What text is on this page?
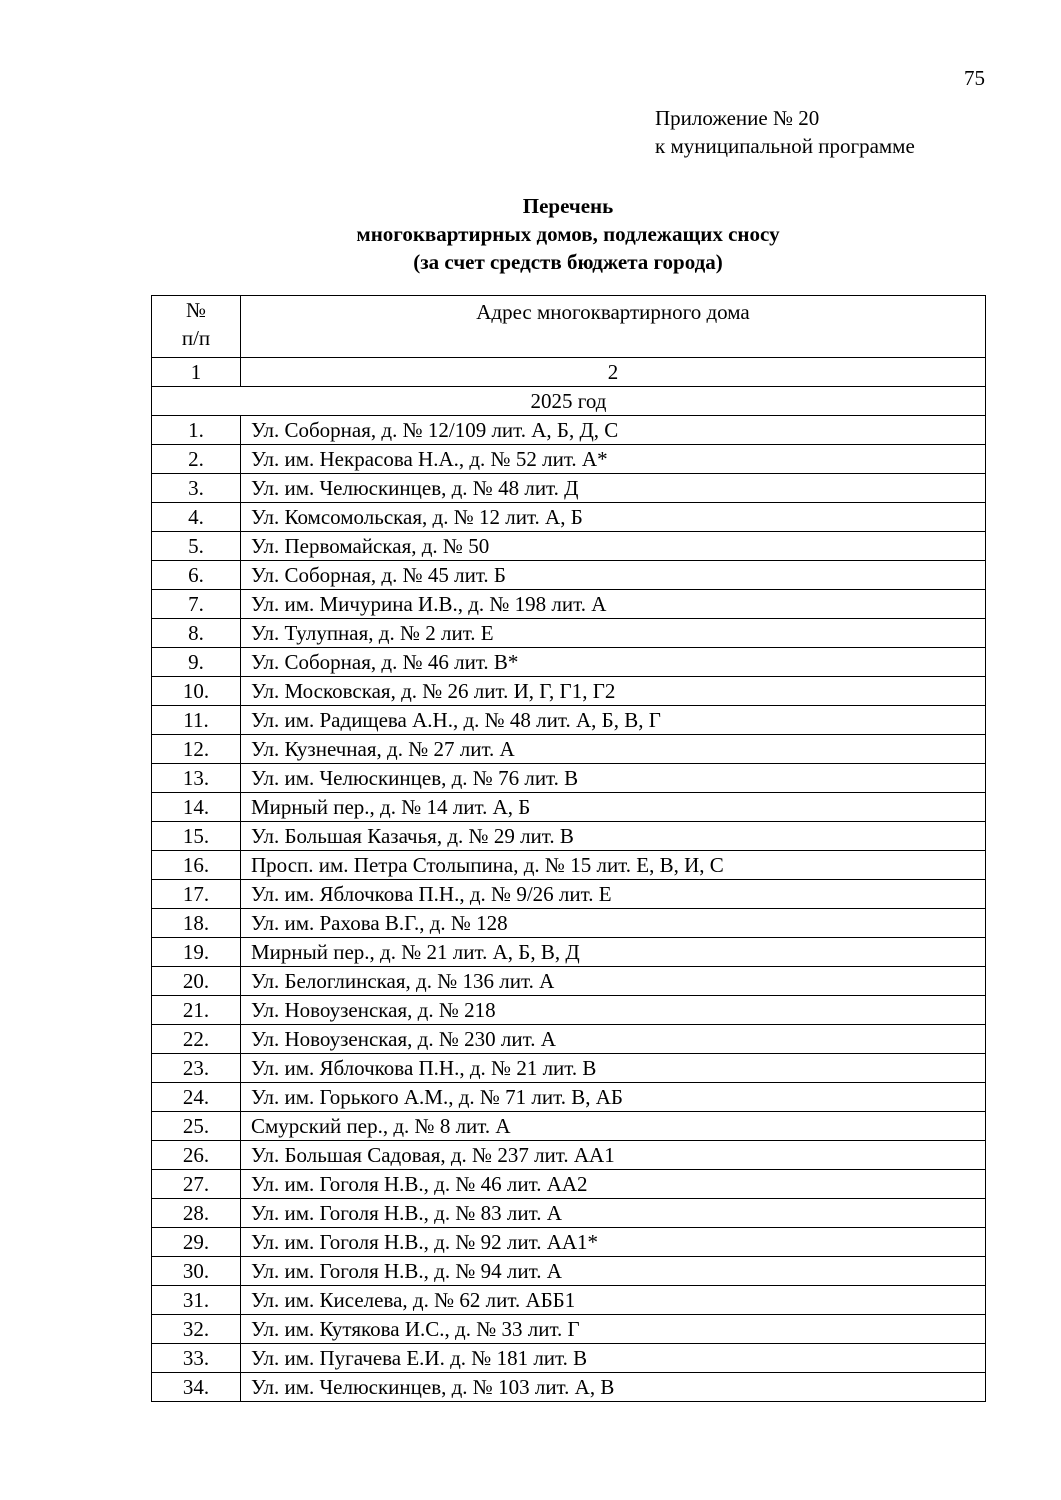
75
Приложение № 20
к муниципальной программе
Перечень
многоквартирных домов, подлежащих сносу
(за счет средств бюджета города)
№
п/п	Адрес многоквартирного дома
1	2
2025 год	
1.	Ул. Соборная, д. № 12/109 лит. А, Б, Д, С
2.	Ул. им. Некрасова Н.А., д. № 52 лит. А*
3.	Ул. им. Челюскинцев, д. № 48 лит. Д
4.	Ул. Комсомольская, д. № 12 лит. А, Б
5.	Ул. Первомайская, д. № 50
6.	Ул. Соборная, д. № 45 лит. Б
7.	Ул. им. Мичурина И.В., д. № 198 лит. А
8.	Ул. Тулупная, д. № 2 лит. Е
9.	Ул. Соборная, д. № 46 лит. В*
10.	Ул. Московская, д. № 26 лит. И, Г, Г1, Г2
11.	Ул. им. Радищева А.Н., д. № 48 лит. А, Б, В, Г
12.	Ул. Кузнечная, д. № 27 лит. А
13.	Ул. им. Челюскинцев, д. № 76 лит. В
14.	Мирный пер., д. № 14 лит. А, Б
15.	Ул. Большая Казачья, д. № 29 лит. В
16.	Просп. им. Петра Столыпина, д. № 15 лит. Е, В, И, С
17.	Ул. им. Яблочкова П.Н., д. № 9/26 лит. Е
18.	Ул. им. Рахова В.Г., д. № 128
19.	Мирный пер., д. № 21 лит. А, Б, В, Д
20.	Ул. Белоглинская, д. № 136 лит. А
21.	Ул. Новоузенская, д. № 218
22.	Ул. Новоузенская, д. № 230 лит. А
23.	Ул. им. Яблочкова П.Н., д. № 21 лит. В
24.	Ул. им. Горького А.М., д. № 71 лит. В, АБ
25.	Смурский пер., д. № 8 лит. А
26.	Ул. Большая Садовая, д. № 237 лит. АА1
27.	Ул. им. Гоголя Н.В., д. № 46 лит. АА2
28.	Ул. им. Гоголя Н.В., д. № 83 лит. А
29.	Ул. им. Гоголя Н.В., д. № 92 лит. АА1*
30.	Ул. им. Гоголя Н.В., д. № 94 лит. А
31.	Ул. им. Киселева, д. № 62 лит. АББ1
32.	Ул. им. Кутякова И.С., д. № 33 лит. Г
33.	Ул. им. Пугачева Е.И. д. № 181 лит. В
34.	Ул. им. Челюскинцев, д. № 103 лит. А, В
